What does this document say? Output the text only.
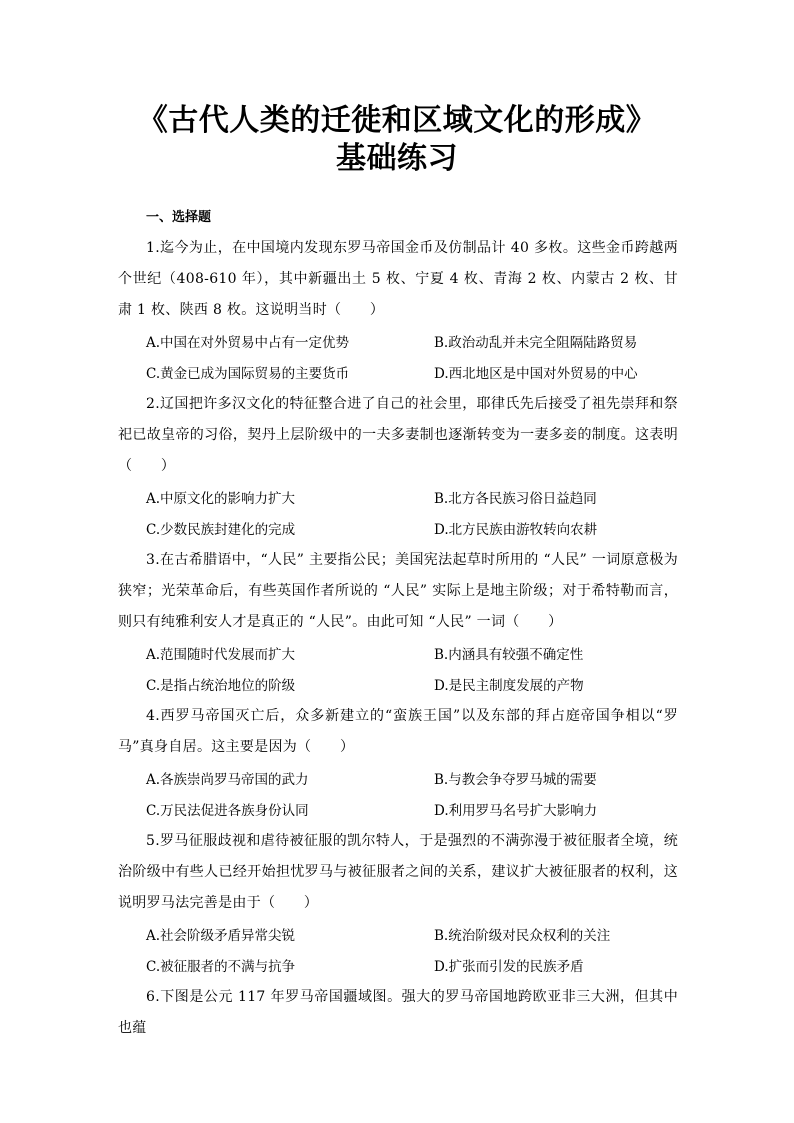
《古代人类的迁徙和区域文化的形成》
基础练习
一、选择题
1.迄今为止，在中国境内发现东罗马帝国金币及仿制品计 40 多枚。这些金币跨越两个世纪（408-610 年），其中新疆出土 5 枚、宁夏 4 枚、青海 2 枚、内蒙古 2 枚、甘肃 1 枚、陕西 8 枚。这说明当时（　　）
A.中国在对外贸易中占有一定优势	B.政治动乱并未完全阻隔陆路贸易
C.黄金已成为国际贸易的主要货币	D.西北地区是中国对外贸易的中心
2.辽国把许多汉文化的特征整合进了自己的社会里，耶律氏先后接受了祖先崇拜和祭祀已故皇帝的习俗，契丹上层阶级中的一夫多妻制也逐渐转变为一妻多妾的制度。这表明（　　）
A.中原文化的影响力扩大	B.北方各民族习俗日益趋同
C.少数民族封建化的完成	D.北方民族由游牧转向农耕
3.在古希腊语中，“人民” 主要指公民；美国宪法起草时所用的 “人民” 一词原意极为狭窄；光荣革命后，有些英国作者所说的 “人民” 实际上是地主阶级；对于希特勒而言，则只有纯雅利安人才是真正的 “人民”。由此可知 “人民” 一词（　　）
A.范围随时代发展而扩大	B.内涵具有较强不确定性
C.是指占统治地位的阶级	D.是民主制度发展的产物
4.西罗马帝国灭亡后，众多新建立的“蛮族王国”以及东部的拜占庭帝国争相以“罗马”真身自居。这主要是因为（　　）
A.各族崇尚罗马帝国的武力	B.与教会争夺罗马城的需要
C.万民法促进各族身份认同	D.利用罗马名号扩大影响力
5.罗马征服歧视和虐待被征服的凯尔特人，于是强烈的不满弥漫于被征服者全境，统治阶级中有些人已经开始担忧罗马与被征服者之间的关系，建议扩大被征服者的权利，这说明罗马法完善是由于（　　）
A.社会阶级矛盾异常尖锐	B.统治阶级对民众权利的关注
C.被征服者的不满与抗争	D.扩张而引发的民族矛盾
6.下图是公元 117 年罗马帝国疆域图。强大的罗马帝国地跨欧亚非三大洲，但其中也蕴
